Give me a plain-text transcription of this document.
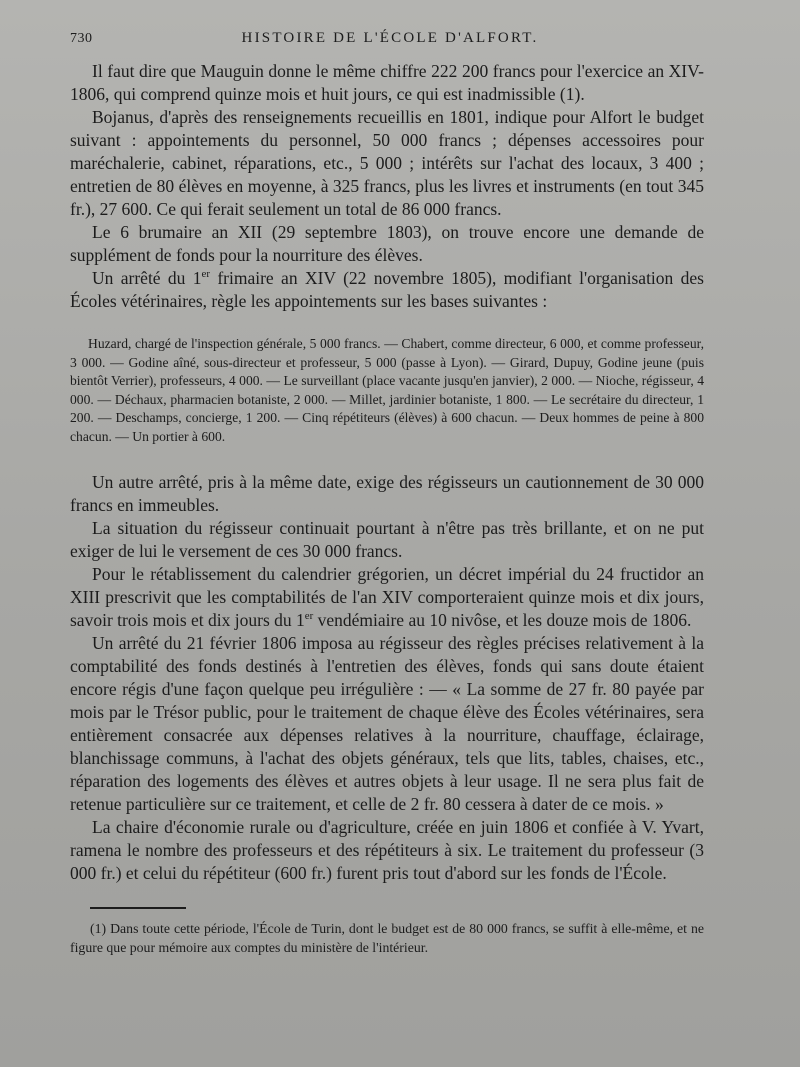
730	HISTOIRE DE L'ÉCOLE D'ALFORT.

Il faut dire que Mauguin donne le même chiffre 222 200 francs pour l'exercice an XIV-1806, qui comprend quinze mois et huit jours, ce qui est inadmissible (1).

Bojanus, d'après des renseignements recueillis en 1801, indique pour Alfort le budget suivant : appointements du personnel, 50 000 francs ; dépenses accessoires pour maréchalerie, cabinet, réparations, etc., 5 000 ; intérêts sur l'achat des locaux, 3 400 ; entretien de 80 élèves en moyenne, à 325 francs, plus les livres et instruments (en tout 345 fr.), 27 600. Ce qui ferait seulement un total de 86 000 francs.

Le 6 brumaire an XII (29 septembre 1803), on trouve encore une demande de supplément de fonds pour la nourriture des élèves.

Un arrêté du 1er frimaire an XIV (22 novembre 1805), modifiant l'organisation des Écoles vétérinaires, règle les appointements sur les bases suivantes :

Huzard, chargé de l'inspection générale, 5 000 francs. — Chabert, comme directeur, 6 000, et comme professeur, 3 000. — Godine aîné, sous-directeur et professeur, 5 000 (passe à Lyon). — Girard, Dupuy, Godine jeune (puis bientôt Verrier), professeurs, 4 000. — Le surveillant (place vacante jusqu'en janvier), 2 000. — Nioche, régisseur, 4 000. — Déchaux, pharmacien botaniste, 2 000. — Millet, jardinier botaniste, 1 800. — Le secrétaire du directeur, 1 200. — Deschamps, concierge, 1 200. — Cinq répétiteurs (élèves) à 600 chacun. — Deux hommes de peine à 800 chacun. — Un portier à 600.

Un autre arrêté, pris à la même date, exige des régisseurs un cautionnement de 30 000 francs en immeubles.

La situation du régisseur continuait pourtant à n'être pas très brillante, et on ne put exiger de lui le versement de ces 30 000 francs.

Pour le rétablissement du calendrier grégorien, un décret impérial du 24 fructidor an XIII prescrivit que les comptabilités de l'an XIV comporteraient quinze mois et dix jours, savoir trois mois et dix jours du 1er vendémiaire au 10 nivôse, et les douze mois de 1806.

Un arrêté du 21 février 1806 imposa au régisseur des règles précises relativement à la comptabilité des fonds destinés à l'entretien des élèves, fonds qui sans doute étaient encore régis d'une façon quelque peu irrégulière : — « La somme de 27 fr. 80 payée par mois par le Trésor public, pour le traitement de chaque élève des Écoles vétérinaires, sera entièrement consacrée aux dépenses relatives à la nourriture, chauffage, éclairage, blanchissage communs, à l'achat des objets généraux, tels que lits, tables, chaises, etc., réparation des logements des élèves et autres objets à leur usage. Il ne sera plus fait de retenue particulière sur ce traitement, et celle de 2 fr. 80 cessera à dater de ce mois. »

La chaire d'économie rurale ou d'agriculture, créée en juin 1806 et confiée à V. Yvart, ramena le nombre des professeurs et des répétiteurs à six. Le traitement du professeur (3 000 fr.) et celui du répétiteur (600 fr.) furent pris tout d'abord sur les fonds de l'École.

(1) Dans toute cette période, l'École de Turin, dont le budget est de 80 000 francs, se suffit à elle-même, et ne figure que pour mémoire aux comptes du ministère de l'intérieur.
